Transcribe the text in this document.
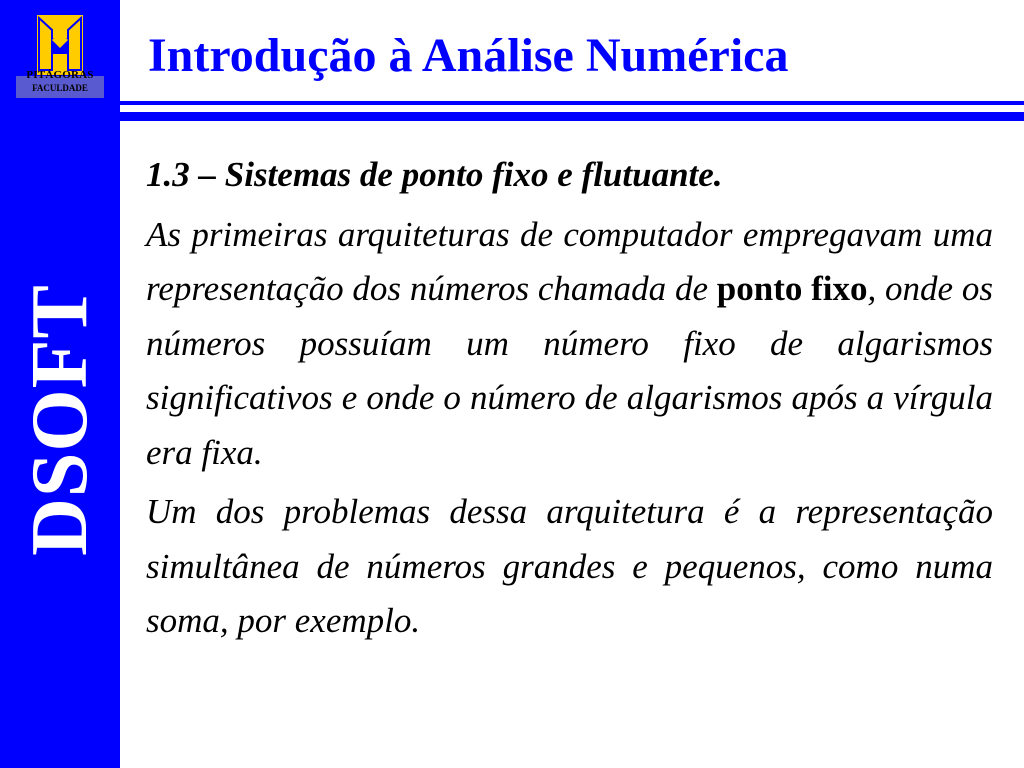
PITÁGORAS
FACULDADE
DSOFT
Introdução à Análise Numérica

1.3 – Sistemas de ponto fixo e flutuante.

As primeiras arquiteturas de computador empregavam uma representação dos números chamada de ponto fixo, onde os números possuíam um número fixo de algarismos significativos e onde o número de algarismos após a vírgula era fixa.

Um dos problemas dessa arquitetura é a representação simultânea de números grandes e pequenos, como numa soma, por exemplo.
